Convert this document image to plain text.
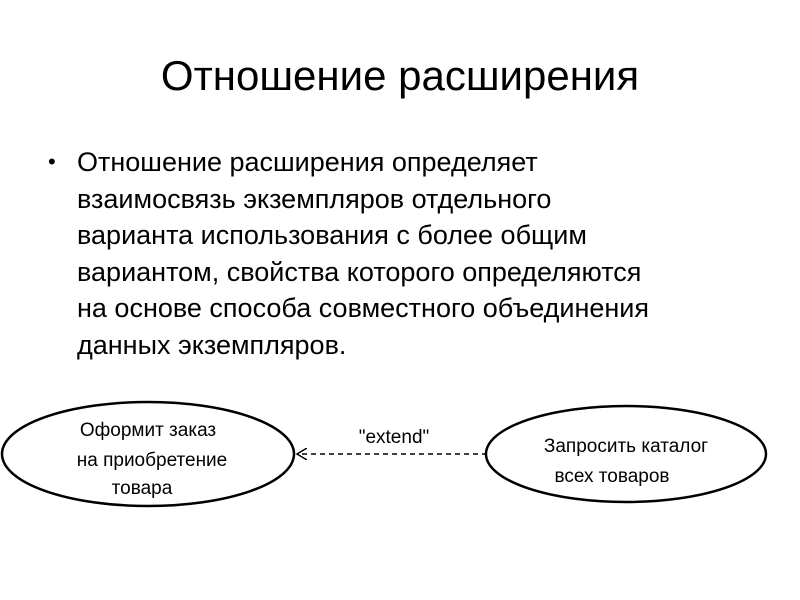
Отношение расширения
• Отношение расширения определяет
взаимосвязь экземпляров отдельного
варианта использования с более общим
вариантом, свойства которого определяются
на основе способа совместного объединения
данных экземпляров.
Оформит заказ
на приобретение
товара
"extend"	Запросить каталог
всех товаров
